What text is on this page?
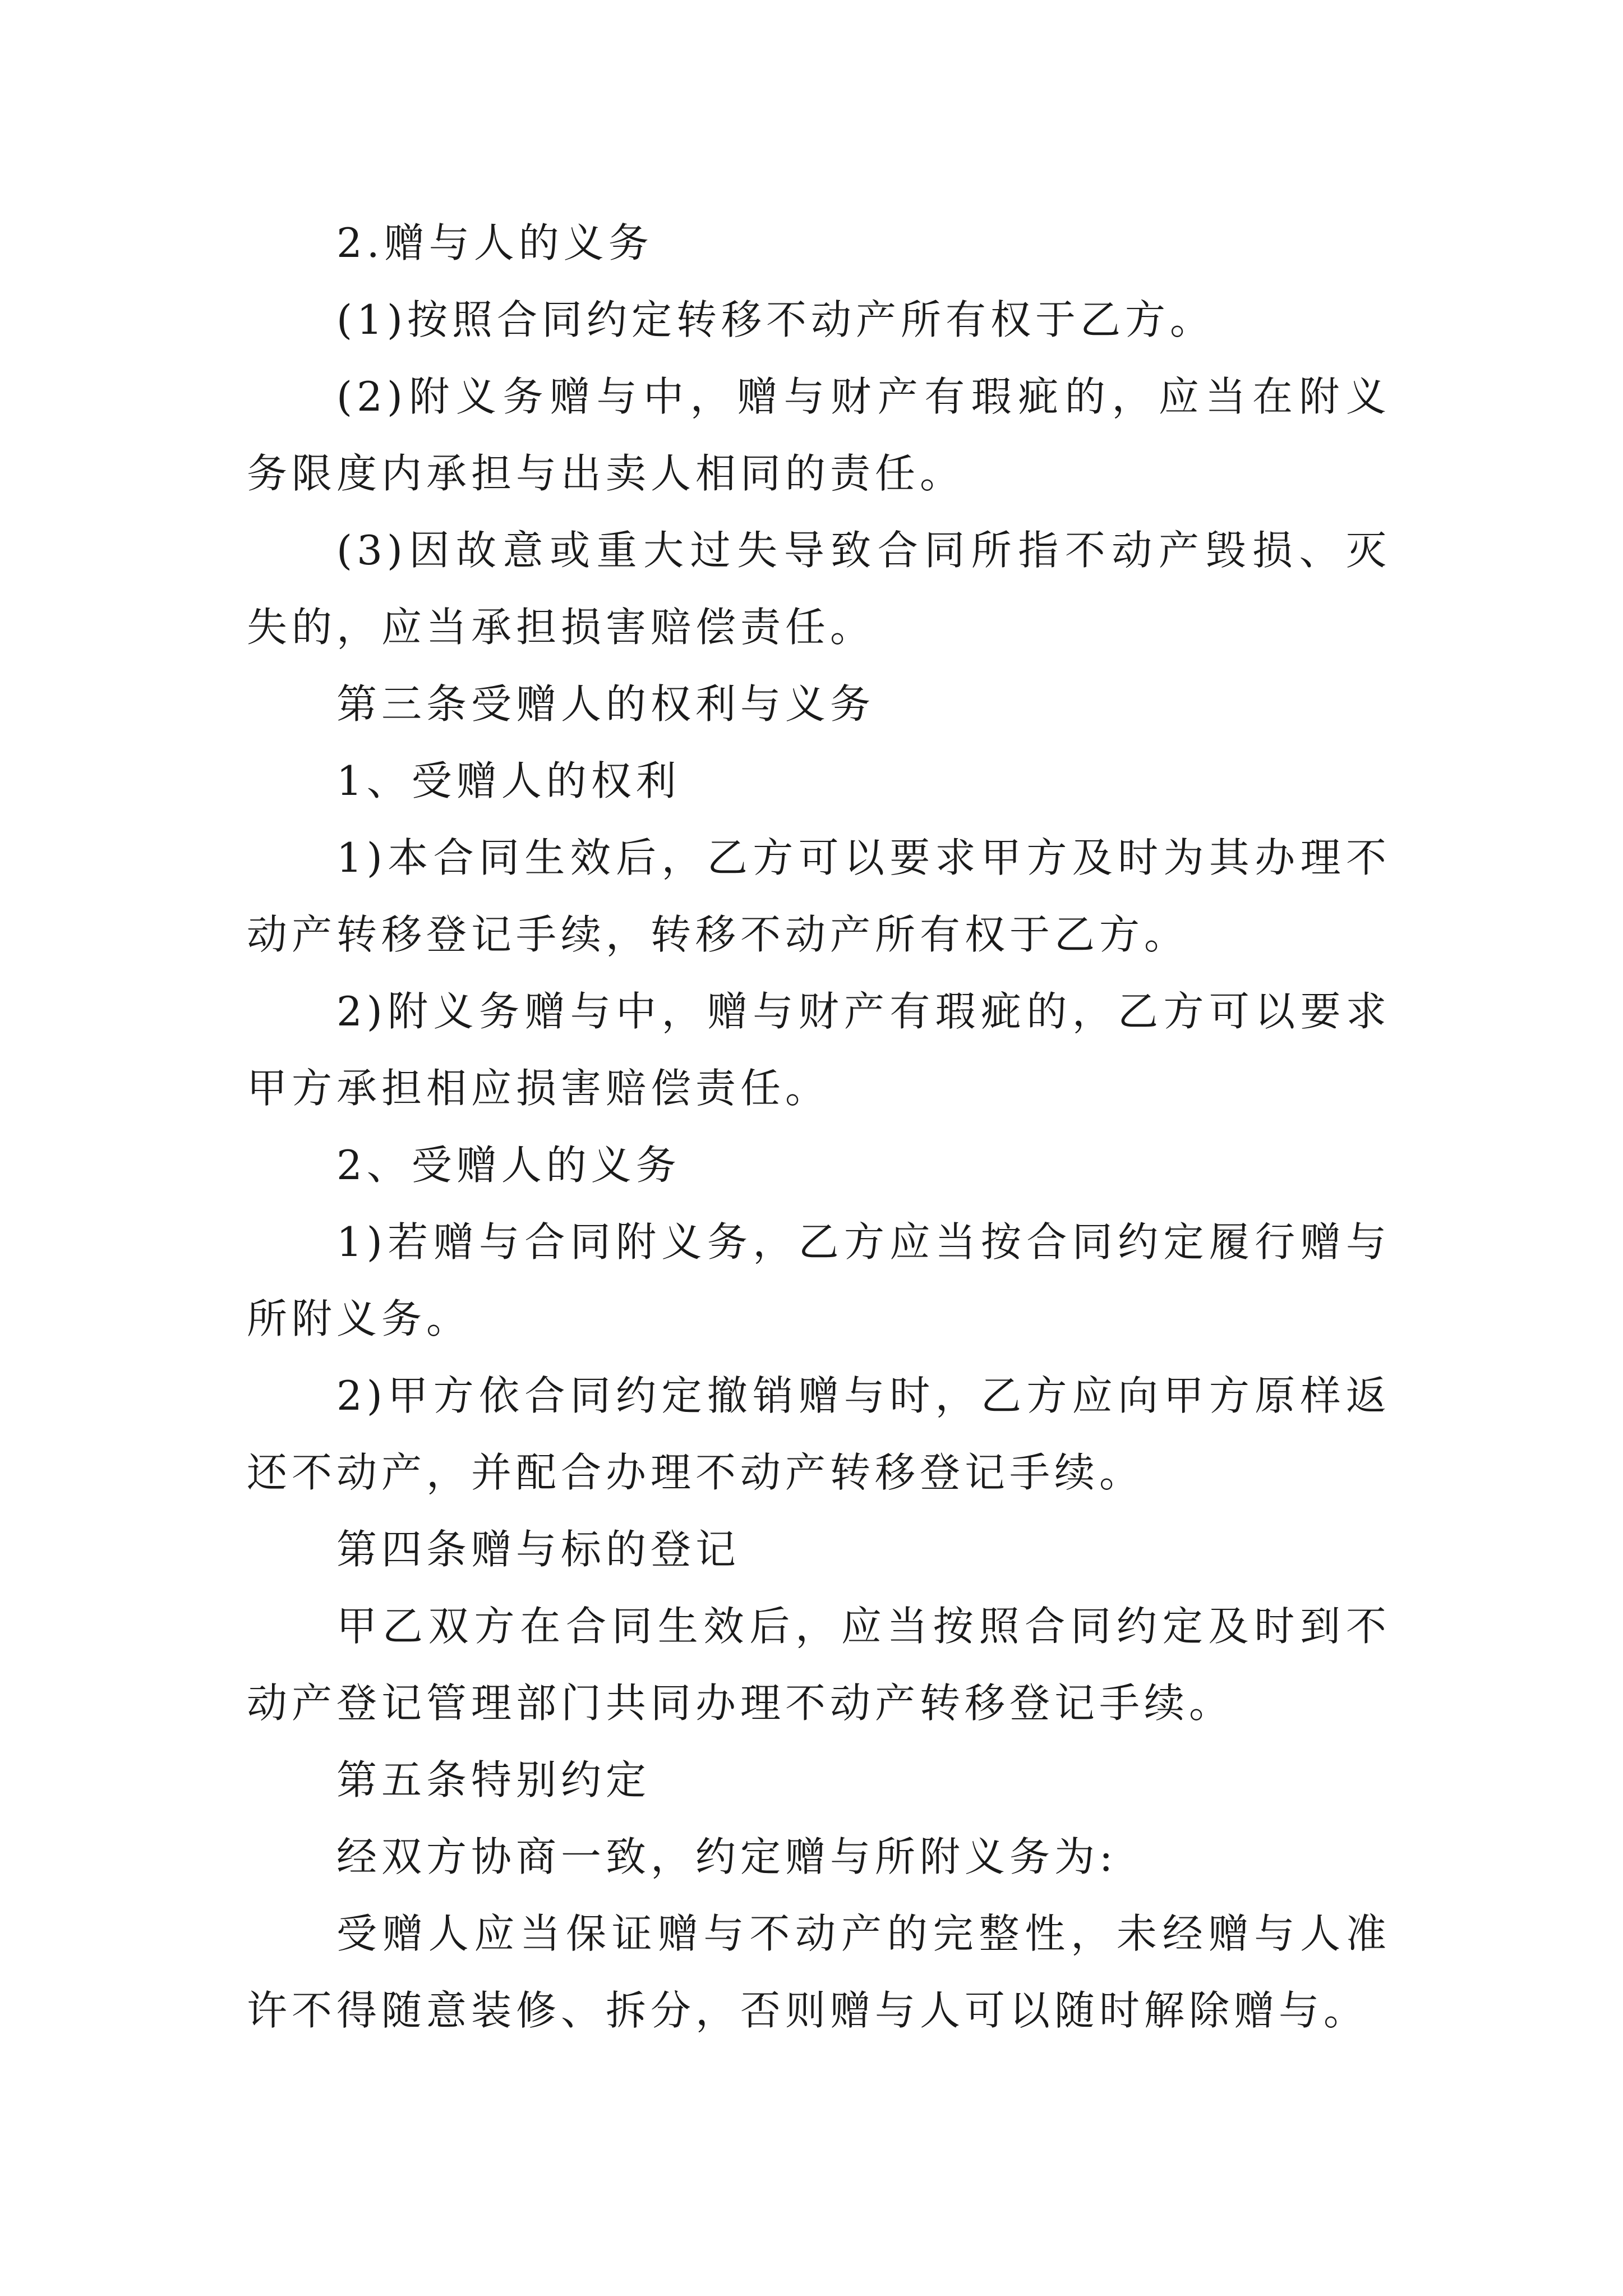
2.赠与人的义务

(1)按照合同约定转移不动产所有权于乙方。

(2)附义务赠与中，赠与财产有瑕疵的，应当在附义务限度内承担与出卖人相同的责任。

(3)因故意或重大过失导致合同所指不动产毁损、灭失的，应当承担损害赔偿责任。

第三条受赠人的权利与义务

1、受赠人的权利

1)本合同生效后，乙方可以要求甲方及时为其办理不动产转移登记手续，转移不动产所有权于乙方。

2)附义务赠与中，赠与财产有瑕疵的，乙方可以要求甲方承担相应损害赔偿责任。

2、受赠人的义务

1)若赠与合同附义务，乙方应当按合同约定履行赠与所附义务。

2)甲方依合同约定撤销赠与时，乙方应向甲方原样返还不动产，并配合办理不动产转移登记手续。

第四条赠与标的登记

甲乙双方在合同生效后，应当按照合同约定及时到不动产登记管理部门共同办理不动产转移登记手续。

第五条特别约定

经双方协商一致，约定赠与所附义务为:

受赠人应当保证赠与不动产的完整性，未经赠与人准许不得随意装修、拆分，否则赠与人可以随时解除赠与。
